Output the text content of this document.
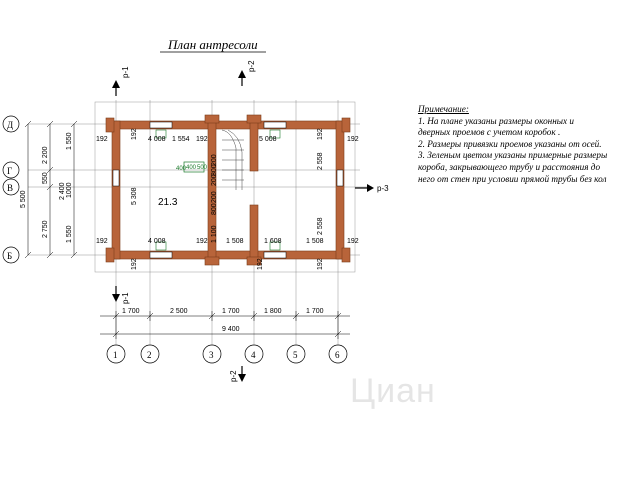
План антресоли
400 400 500
21.3
192	4 008 1 554 192	5 008	192
192	4 008	192	1 508	1 608	1 508	192
5 308
192
192
2 558
2 558
192
192
192
200
800
200
800
200
1 100
1 700	2 500	1 700	1 800	1 700
9 400
5 500
2 200
550
2 750
1 550
2 400 1000
1 550
Д
Г
В
Б
1	2	3	4	5	6
р-1
р-1
р-2
р-2
р-3
Примечание:
1. На плане указаны размеры оконных и
дверных проемов с учетом коробок .
2. Размеры привязки проемов указаны от осей.
3. Зеленым цветом указаны примерные размеры
короба, закрывающего трубу и расстояния до
него от стен при условии прямой трубы без кол
Циан
